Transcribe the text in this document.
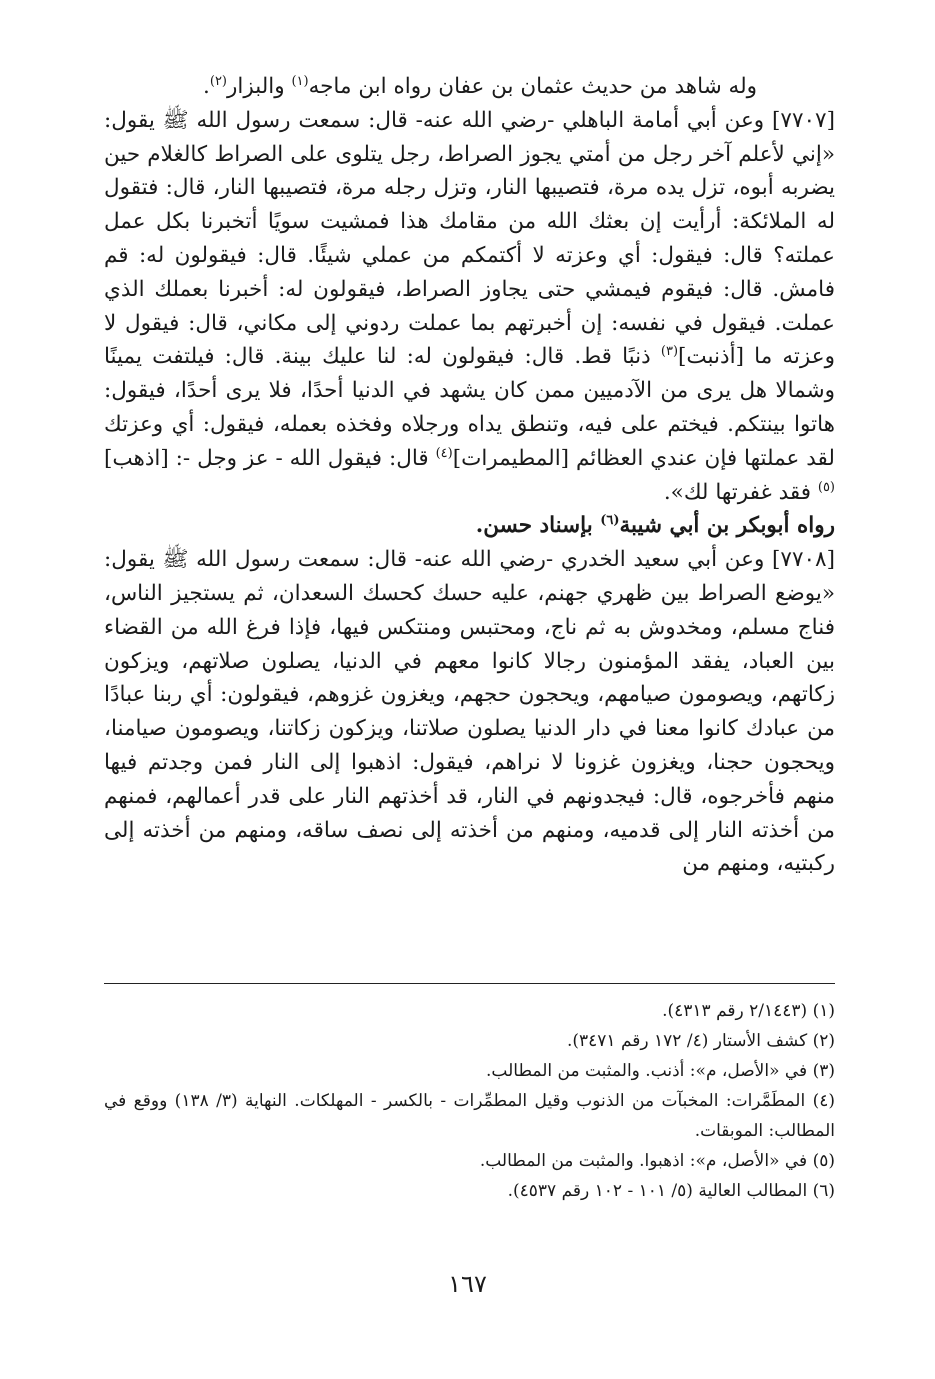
وله شاهد من حديث عثمان بن عفان رواه ابن ماجه$^{(١)}$ والبزار$^{(٢)}$.

[٧٧٠٧] وعن أبي أمامة الباهلي -رضي الله عنه- قال: سمعت رسول الله ﷺ يقول: «إني لأعلم آخر رجل من أمتي يجوز الصراط، رجل يتلوى على الصراط كالغلام حين يضربه أبوه، تزل يده مرة، فتصيبها النار، وتزل رجله مرة، فتصيبها النار، قال: فتقول له الملائكة: أرأيت إن بعثك الله من مقامك هذا فمشيت سويًا أتخبرنا بكل عمل عملته؟ قال: فيقول: أي وعزته لا أكتمكم من عملي شيئًا. قال: فيقولون له: قم فامش. قال: فيقوم فيمشي حتى يجاوز الصراط، فيقولون له: أخبرنا بعملك الذي عملت. فيقول في نفسه: إن أخبرتهم بما عملت ردوني إلى مكاني، قال: فيقول لا وعزته ما [أذنبت]$^{(٣)}$ ذنبًا قط. قال: فيقولون له: لنا عليك بينة. قال: فيلتفت يمينًا وشمالا هل يرى من الآدميين ممن كان يشهد في الدنيا أحدًا، فلا يرى أحدًا، فيقول: هاتوا بينتكم. فيختم على فيه، وتنطق يداه ورجلاه وفخذه بعمله، فيقول: أي وعزتك لقد عملتها فإن عندي العظائم [المطيمرات]$^{(٤)}$ قال: فيقول الله - عز وجل -: [اذهب]$^{(٥)}$ فقد غفرتها لك».

رواه أبوبكر بن أبي شيبة$^{(٦)}$ بإسناد حسن.

[٧٧٠٨] وعن أبي سعيد الخدري -رضي الله عنه- قال: سمعت رسول الله ﷺ يقول: «يوضع الصراط بين ظهري جهنم، عليه حسك كحسك السعدان، ثم يستجيز الناس، فناج مسلم، ومخدوش به ثم ناج، ومحتبس ومنتكس فيها، فإذا فرغ الله من القضاء بين العباد، يفقد المؤمنون رجالا كانوا معهم في الدنيا، يصلون صلاتهم، ويزكون زكاتهم، ويصومون صيامهم، ويحجون حجهم، ويغزون غزوهم، فيقولون: أي ربنا عبادًا من عبادك كانوا معنا في دار الدنيا يصلون صلاتنا، ويزكون زكاتنا، ويصومون صيامنا، ويحجون حجنا، ويغزون غزونا لا نراهم، فيقول: اذهبوا إلى النار فمن وجدتم فيها منهم فأخرجوه، قال: فيجدونهم في النار، قد أخذتهم النار على قدر أعمالهم، فمنهم من أخذته النار إلى قدميه، ومنهم من أخذته إلى نصف ساقه، ومنهم من أخذته إلى ركبتيه، ومنهم من

(١) (٢/١٤٤٣ رقم ٤٣١٣).

(٢) كشف الأستار (٤/ ١٧٢ رقم ٣٤٧١).

(٣) في «الأصل، م»: أذنب. والمثبت من المطالب.

(٤) المطَمَّرات: المخبآت من الذنوب وقيل المطمِّرات - بالكسر - المهلكات. النهاية (٣/ ١٣٨) ووقع في المطالب: الموبقات.

(٥) في «الأصل، م»: اذهبوا. والمثبت من المطالب.

(٦) المطالب العالية (٥/ ١٠١ - ١٠٢ رقم ٤٥٣٧).

١٦٧
